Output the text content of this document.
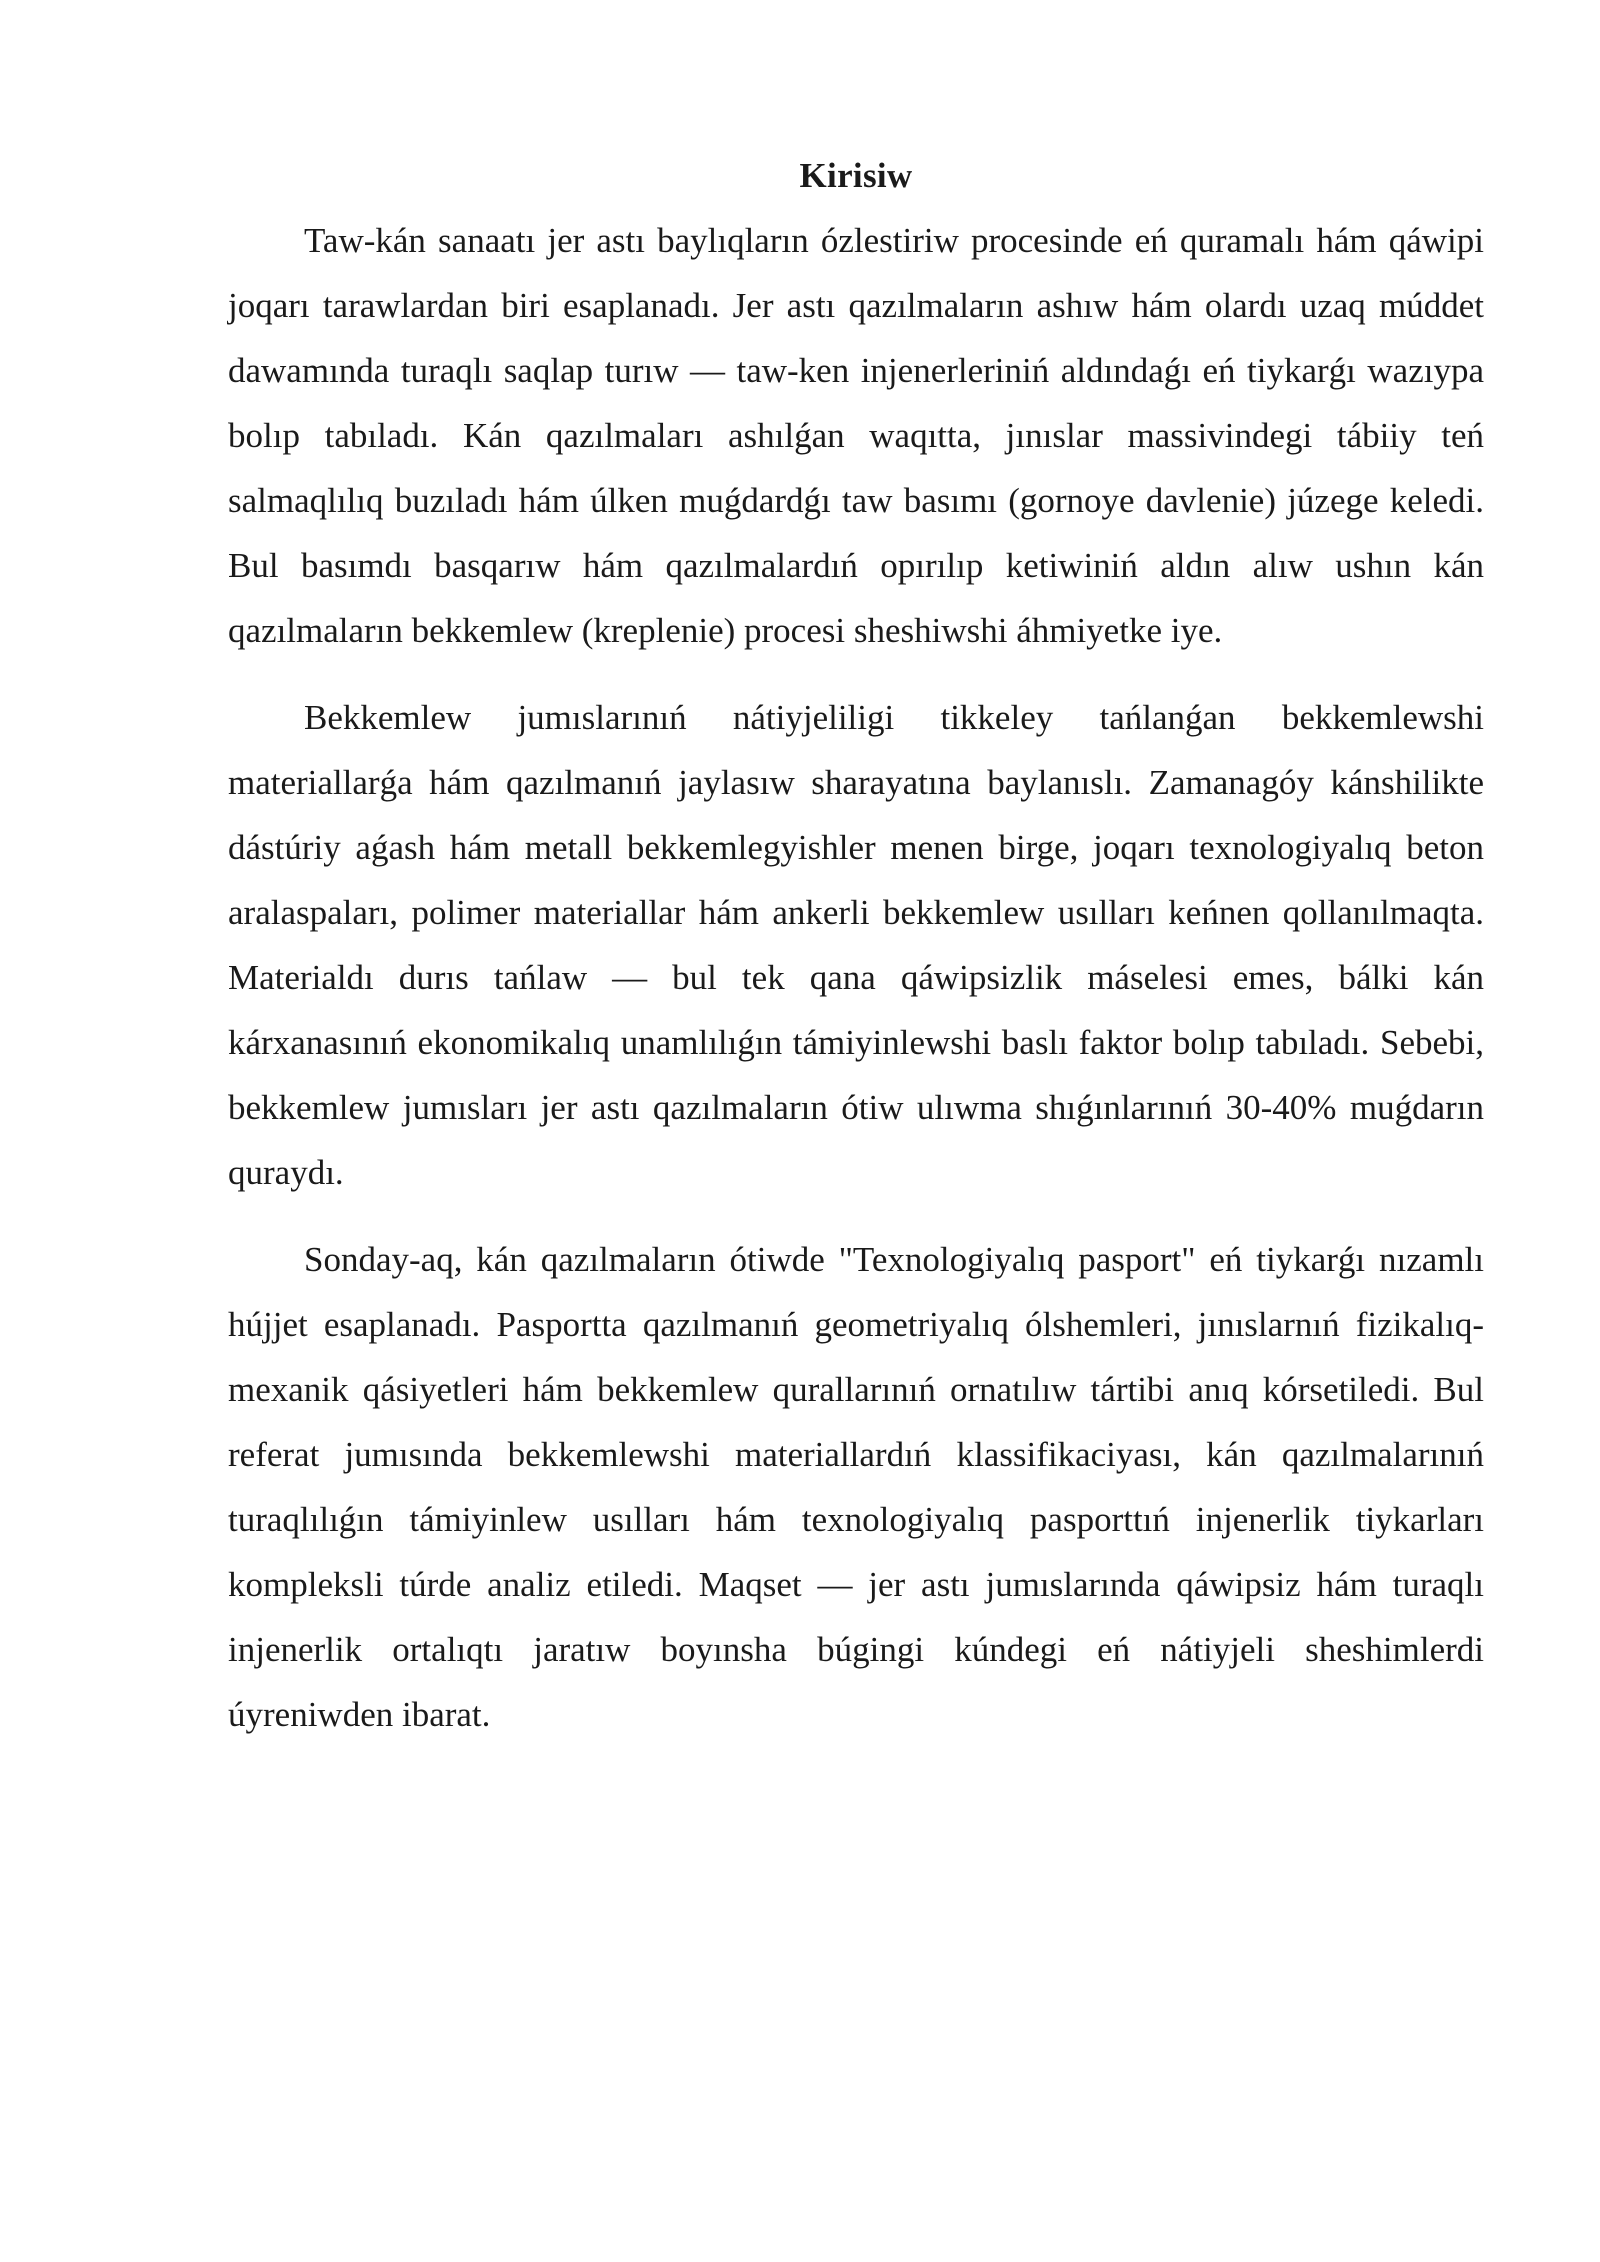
Kirisiw

Taw-kán sanaatı jer astı baylıqların ózlestiriw procesinde eń quramalı hám qáwipi joqarı tarawlardan biri esaplanadı. Jer astı qazılmaların ashıw hám olardı uzaq múddet dawamında turaqlı saqlap turıw — taw-ken injenerleriniń aldındaǵı eń tiykarǵı wazıypa bolıp tabıladı. Kán qazılmaları ashılǵan waqıtta, jınıslar massivindegi tábiiy teń salmaqlılıq buzıladı hám úlken muǵdardǵı taw basımı (gornoye davlenie) júzege keledi. Bul basımdı basqarıw hám qazılmalardıń opırılıp ketiwiniń aldın alıw ushın kán qazılmaların bekkemlew (kreplenie) procesi sheshiwshi áhmiyetke iye.

Bekkemlew jumıslarınıń nátiyjeliligi tikkeley tańlanǵan bekkemlewshi materiallarǵa hám qazılmanıń jaylasıw sharayatına baylanıslı. Zamanagóy kánshilikte dástúriy aǵash hám metall bekkemlegyishler menen birge, joqarı texnologiyalıq beton aralaspaları, polimer materiallar hám ankerli bekkemlew usılları keńnen qollanılmaqta. Materialdı durıs tańlaw — bul tek qana qáwipsizlik máselesi emes, bálki kán kárxanasınıń ekonomikalıq unamlılıǵın támiyinlewshi baslı faktor bolıp tabıladı. Sebebi, bekkemlew jumısları jer astı qazılmaların ótiw ulıwma shıǵınlarınıń 30-40% muǵdarın quraydı.

Sonday-aq, kán qazılmaların ótiwde "Texnologiyalıq pasport" eń tiykarǵı nızamlı hújjet esaplanadı. Pasportta qazılmanıń geometriyalıq ólshemleri, jınıslarnıń fizikalıq-mexanik qásiyetleri hám bekkemlew qurallarınıń ornatılıw tártibi anıq kórsetiledi. Bul referat jumısında bekkemlewshi materiallardıń klassifikaciyası, kán qazılmalarınıń turaqlılıǵın támiyinlew usılları hám texnologiyalıq pasporttıń injenerlik tiykarları kompleksli túrde analiz etiledi. Maqset — jer astı jumıslarında qáwipsiz hám turaqlı injenerlik ortalıqtı jaratıw boyınsha búgingi kúndegi eń nátiyjeli sheshimlerdi úyreniwden ibarat.
